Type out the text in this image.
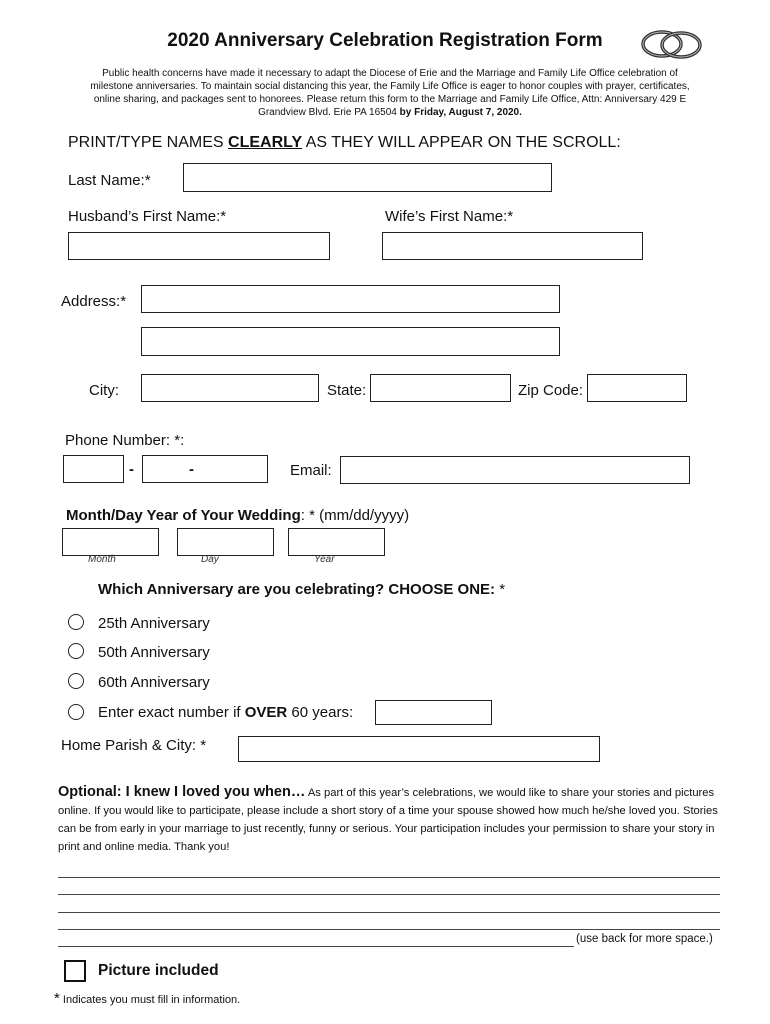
2020 Anniversary Celebration Registration Form
Public health concerns have made it necessary to adapt the Diocese of Erie and the Marriage and Family Life Office celebration of milestone anniversaries. To maintain social distancing this year, the Family Life Office is eager to honor couples with prayer, certificates, online sharing, and packages sent to honorees. Please return this form to the Marriage and Family Life Office, Attn: Anniversary 429 E Grandview Blvd. Erie PA 16504 by Friday, August 7, 2020.
PRINT/TYPE NAMES CLEARLY AS THEY WILL APPEAR ON THE SCROLL:
Last Name:*
Husband’s First Name:*	Wife’s First Name:*
Address:*
City:	State:	Zip Code:
Phone Number: *:
-	-	Email:
Month/Day Year of Your Wedding: * (mm/dd/yyyy)
Month	Day	Year
Which Anniversary are you celebrating? CHOOSE ONE: *
25th Anniversary
50th Anniversary
60th Anniversary
Enter exact number if OVER 60 years:
Home Parish & City: *
Optional: I knew I loved you when… As part of this year’s celebrations, we would like to share your stories and pictures online. If you would like to participate, please include a short story of a time your spouse showed how much he/she loved you. Stories can be from early in your marriage to just recently, funny or serious. Your participation includes your permission to share your story in print and online media. Thank you!
(use back for more space.)
Picture included
* Indicates you must fill in information.
